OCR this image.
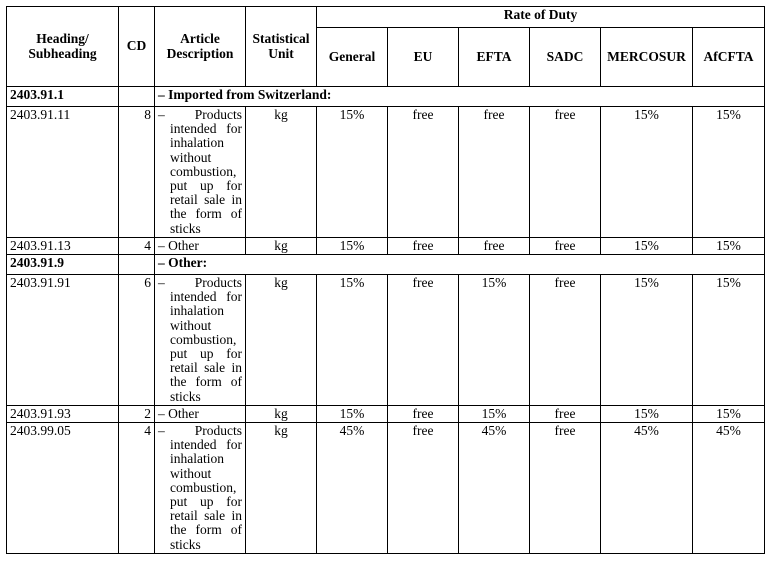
Heading/ Subheading	CD	Article Description	Statistical Unit	Rate of Duty					
				General	EU	EFTA	SADC	MERCOSUR	AfCFTA
2403.91.1		– Imported from Switzerland:							
2403.91.11	8	– Products intended for inhalation without combustion, put up for retail sale in the form of sticks	kg	15%	free	free	free	15%	15%
2403.91.13	4	– Other	kg	15%	free	free	free	15%	15%
2403.91.9		– Other:							
2403.91.91	6	– Products intended for inhalation without combustion, put up for retail sale in the form of sticks	kg	15%	free	15%	free	15%	15%
2403.91.93	2	– Other	kg	15%	free	15%	free	15%	15%
2403.99.05	4	– Products intended for inhalation without combustion, put up for retail sale in the form of sticks	kg	45%	free	45%	free	45%	45%
